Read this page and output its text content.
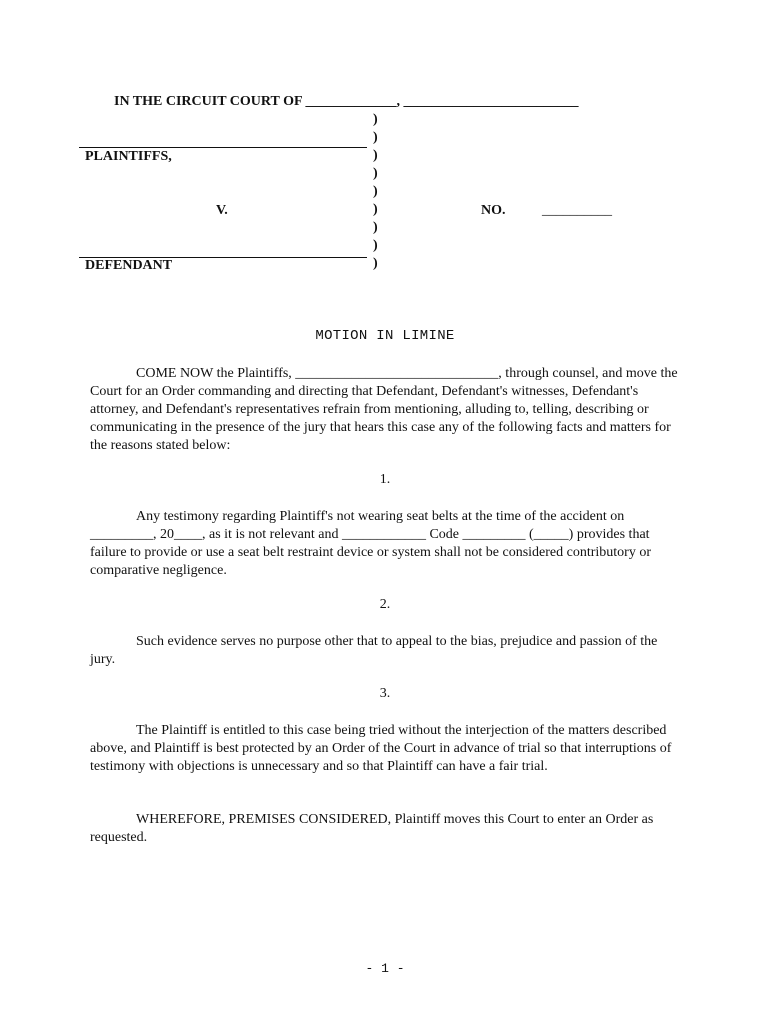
IN THE CIRCUIT COURT OF _____________, _________________________
PLAINTIFFS,
V.
DEFENDANT
)
)
)
)
)
)
)
)
)
NO.	__________
MOTION IN LIMINE
COME NOW the Plaintiffs, _____________________________, through counsel, and move the Court for an Order commanding and directing that Defendant, Defendant's witnesses, Defendant's attorney, and Defendant's representatives refrain from mentioning, alluding to, telling, describing or communicating in the presence of the jury that hears this case any of the following facts and matters for the reasons stated below:
1.
Any testimony regarding Plaintiff's not wearing seat belts at the time of the accident on _________, 20____, as it is not relevant and ____________ Code _________ (_____) provides that failure to provide or use a seat belt restraint device or system shall not be considered contributory or comparative negligence.
2.
Such evidence serves no purpose other that to appeal to the bias, prejudice and passion of the jury.
3.
The Plaintiff is entitled to this case being tried without the interjection of the matters described above, and Plaintiff is best protected by an Order of the Court in advance of trial so that interruptions of testimony with objections is unnecessary and so that Plaintiff can have a fair trial.
WHEREFORE, PREMISES CONSIDERED, Plaintiff moves this Court to enter an Order as requested.
- 1 -
